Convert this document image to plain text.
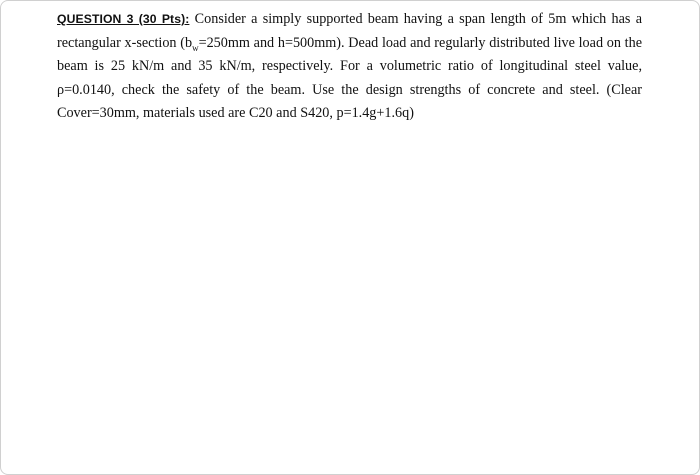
QUESTION 3 (30 Pts): Consider a simply supported beam having a span length of 5m which has a
rectangular x-section ($b_w=250mm$ and h=500mm). Dead load and regularly distributed live load on the
beam is 25 kN/m and 35 kN/m, respectively. For a volumetric ratio of longitudinal steel value,
ρ=0.0140, check the safety of the beam. Use the design strengths of concrete and steel. (Clear
Cover=30mm, materials used are C20 and S420, p=1.4g+1.6q)
